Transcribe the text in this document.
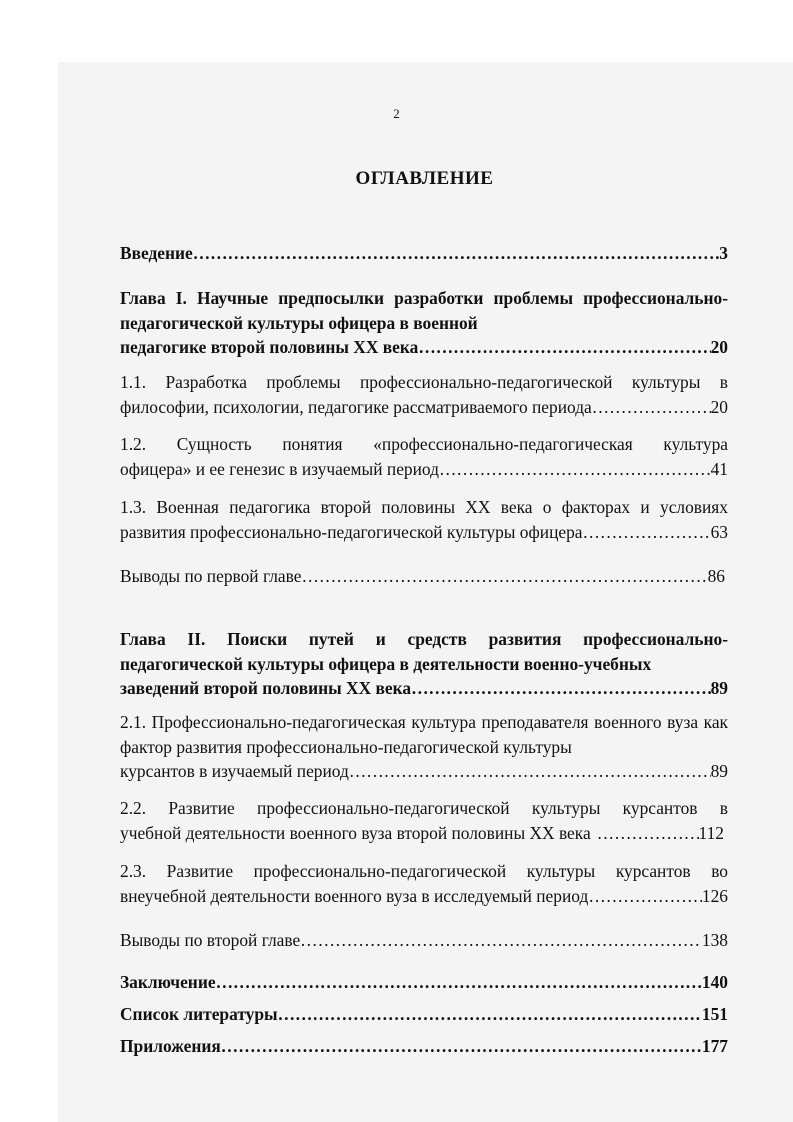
2
ОГЛАВЛЕНИЕ
Введение …………………………………………………………………………………………………………………………………………	3
Глава I. Научные предпосылки разработки проблемы профессионально-педагогической культуры офицера в военной
педагогике второй половины ХХ века …………………………………………………………………………………………………………………………………………	20
1.1. Разработка проблемы профессионально-педагогической культуры в
философии, психологии, педагогике рассматриваемого периода …………………………………………………………………………………………………………………………………………	20
1.2. Сущность понятия «профессионально-педагогическая культура
офицера» и ее генезис в изучаемый период …………………………………………………………………………………………………………………………………………	41
1.3. Военная педагогика второй половины ХХ века о факторах и условиях
развития профессионально-педагогической культуры офицера …………………………………………………………………………………………………………………………………………	63
Выводы по первой главе …………………………………………………………………………………………………………………………………………	86
Глава II. Поиски путей и средств развития профессионально-педагогической культуры офицера в деятельности военно-учебных
заведений второй половины ХХ века …………………………………………………………………………………………………………………………………………	89
2.1. Профессионально-педагогическая культура преподавателя военного вуза как фактор развития профессионально-педагогической культуры
курсантов в изучаемый период …………………………………………………………………………………………………………………………………………	89
2.2. Развитие профессионально-педагогической культуры курсантов в
учебной деятельности военного вуза второй половины ХХ века …………………………………………………………………………………………………………………………………………	112
2.3. Развитие профессионально-педагогической культуры курсантов во
внеучебной деятельности военного вуза в исследуемый период …………………………………………………………………………………………………………………………………………	126
Выводы по второй главе …………………………………………………………………………………………………………………………………………	138
Заключение …………………………………………………………………………………………………………………………………………	140
Список литературы …………………………………………………………………………………………………………………………………………	151
Приложения …………………………………………………………………………………………………………………………………………	177
